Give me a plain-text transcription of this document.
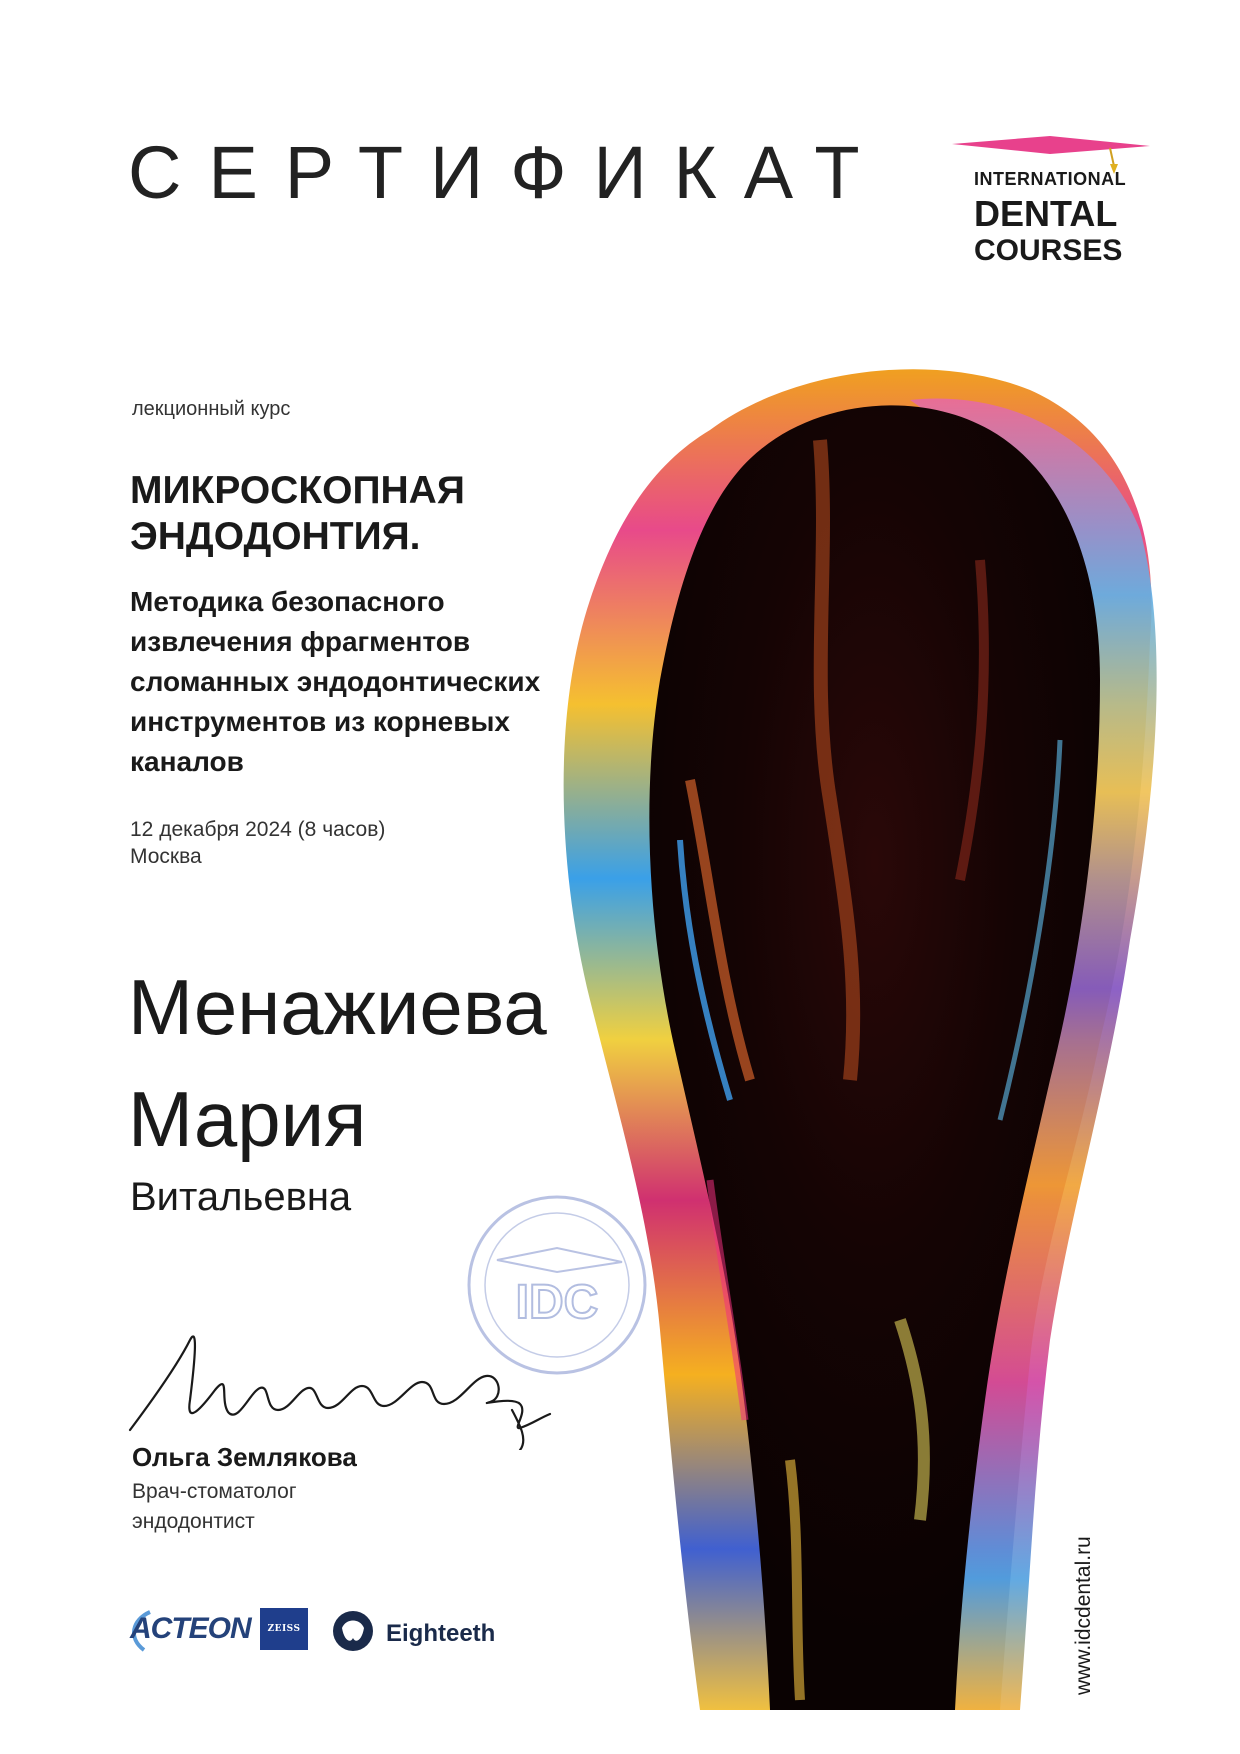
СЕРТИФИКАТ	INTERNATIONAL
DENTAL
COURSES
лекционный курс
МИКРОСКОПНАЯ ЭНДОДОНТИЯ.
Методика безопасного извлечения фрагментов сломанных эндодонтических инструментов из корневых каналов
12 декабря 2024 (8 часов)
Москва
Менажиева
Мария
Витальевна
IDC
Ольга Землякова
Врач-стоматолог
эндодонтист
ACTEON	ZEISS	Eighteeth	www.idcdental.ru
